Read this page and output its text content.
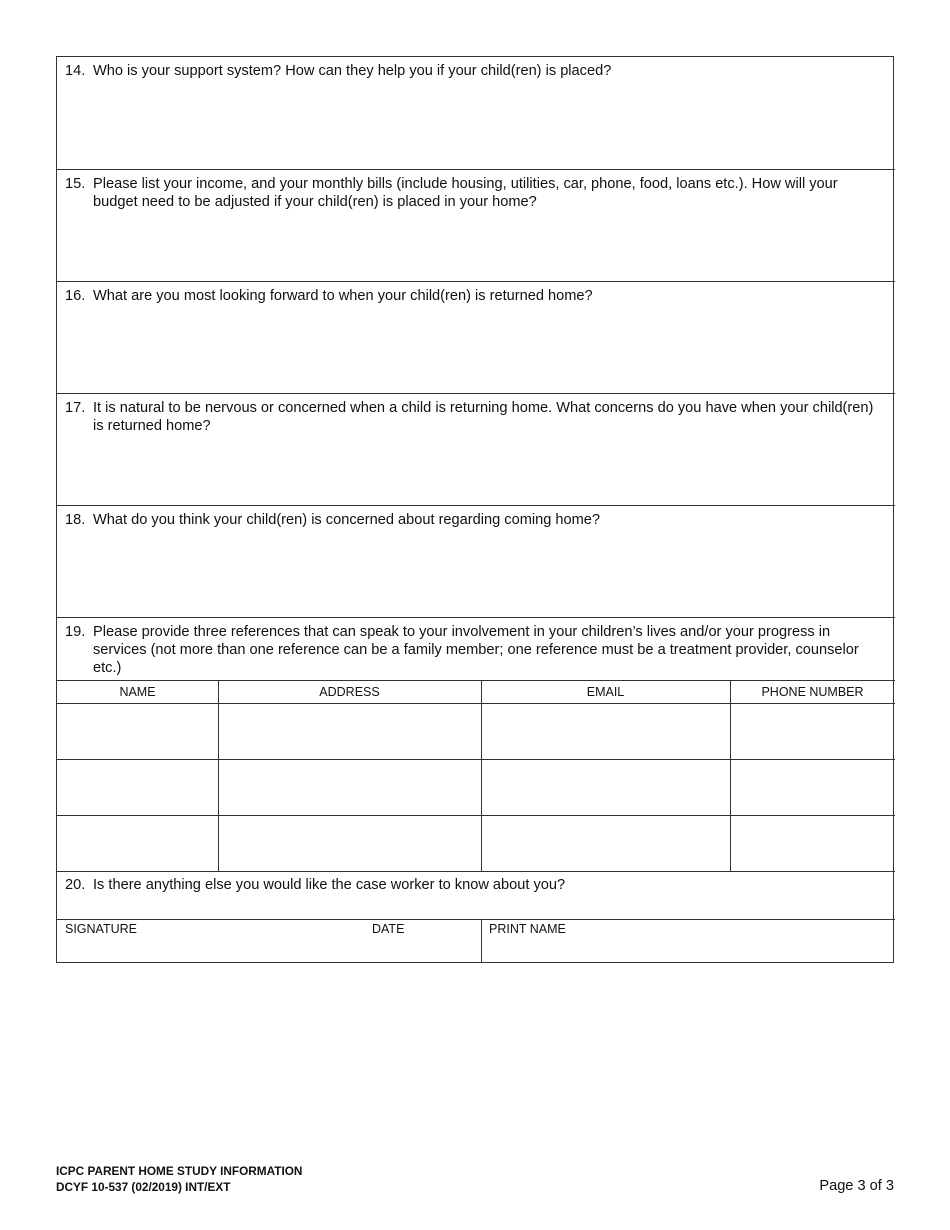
14. Who is your support system? How can they help you if your child(ren) is placed?
15. Please list your income, and your monthly bills (include housing, utilities, car, phone, food, loans etc.). How will your budget need to be adjusted if your child(ren) is placed in your home?
16. What are you most looking forward to when your child(ren) is returned home?
17. It is natural to be nervous or concerned when a child is returning home. What concerns do you have when your child(ren) is returned home?
18. What do you think your child(ren) is concerned about regarding coming home?
19. Please provide three references that can speak to your involvement in your children’s lives and/or your progress in services (not more than one reference can be a family member; one reference must be a treatment provider, counselor etc.)
NAME	ADDRESS	EMAIL	PHONE NUMBER
20. Is there anything else you would like the case worker to know about you?
SIGNATURE	DATE	PRINT NAME
ICPC PARENT HOME STUDY INFORMATION
DCYF 10-537 (02/2019) INT/EXT	Page 3 of 3
